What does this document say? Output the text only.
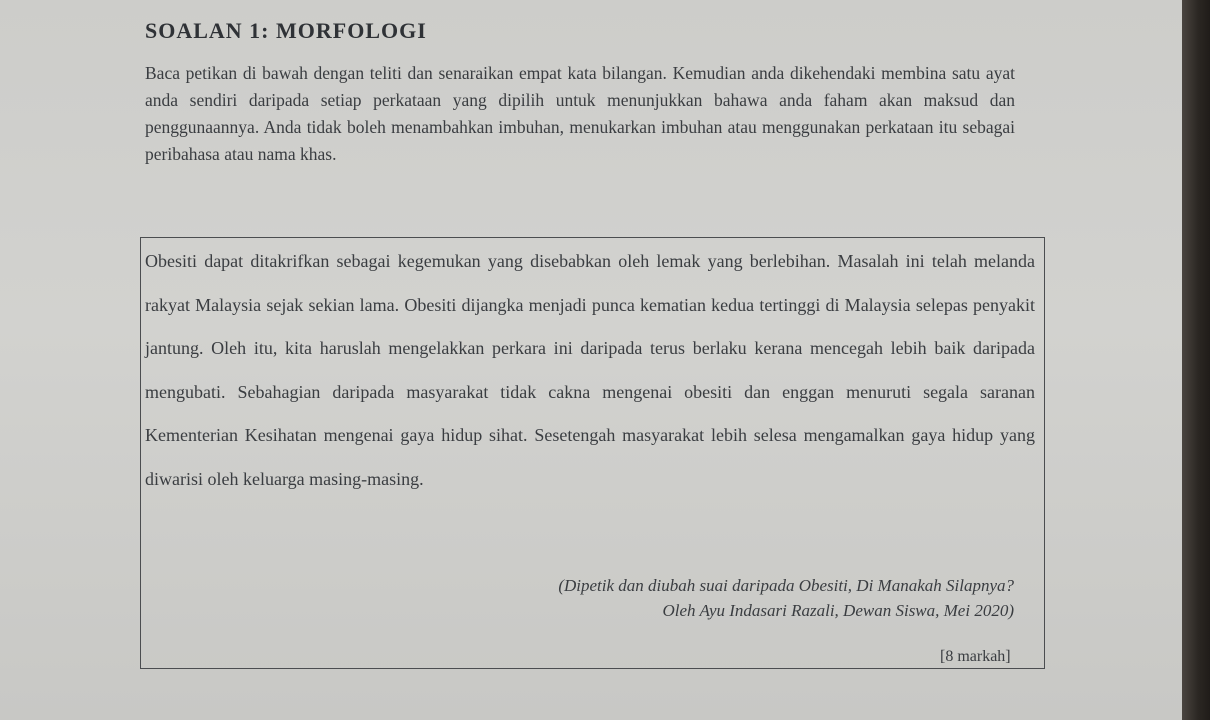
SOALAN 1: MORFOLOGI
Baca petikan di bawah dengan teliti dan senaraikan empat kata bilangan. Kemudian anda dikehendaki membina satu ayat anda sendiri daripada setiap perkataan yang dipilih untuk menunjukkan bahawa anda faham akan maksud dan penggunaannya. Anda tidak boleh menambahkan imbuhan, menukarkan imbuhan atau menggunakan perkataan itu sebagai peribahasa atau nama khas.
Obesiti dapat ditakrifkan sebagai kegemukan yang disebabkan oleh lemak yang berlebihan. Masalah ini telah melanda rakyat Malaysia sejak sekian lama. Obesiti dijangka menjadi punca kematian kedua tertinggi di Malaysia selepas penyakit jantung. Oleh itu, kita haruslah mengelakkan perkara ini daripada terus berlaku kerana mencegah lebih baik daripada mengubati. Sebahagian daripada masyarakat tidak cakna mengenai obesiti dan enggan menuruti segala saranan Kementerian Kesihatan mengenai gaya hidup sihat. Sesetengah masyarakat lebih selesa mengamalkan gaya hidup yang diwarisi oleh keluarga masing-masing.
(Dipetik dan diubah suai daripada Obesiti, Di Manakah Silapnya?
Oleh Ayu Indasari Razali, Dewan Siswa, Mei 2020)
[8 markah]
